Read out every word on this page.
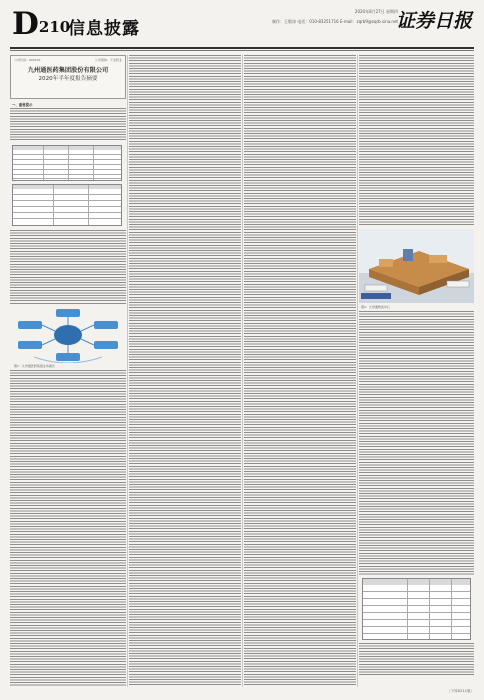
D210
信息披露
2020年8月27日 星期四
制作：王敬涛 电话：010-83251716 E-mail：zqrb9@zqrb.sina.net
证券日报
公司代码：600479	公司简称：千金药业
九州通医药集团股份有限公司
2020年半年度报告摘要
一、重要提示
图1：九州通医药集团业务模式
图2：九州通物流中心
（下转D211版）
